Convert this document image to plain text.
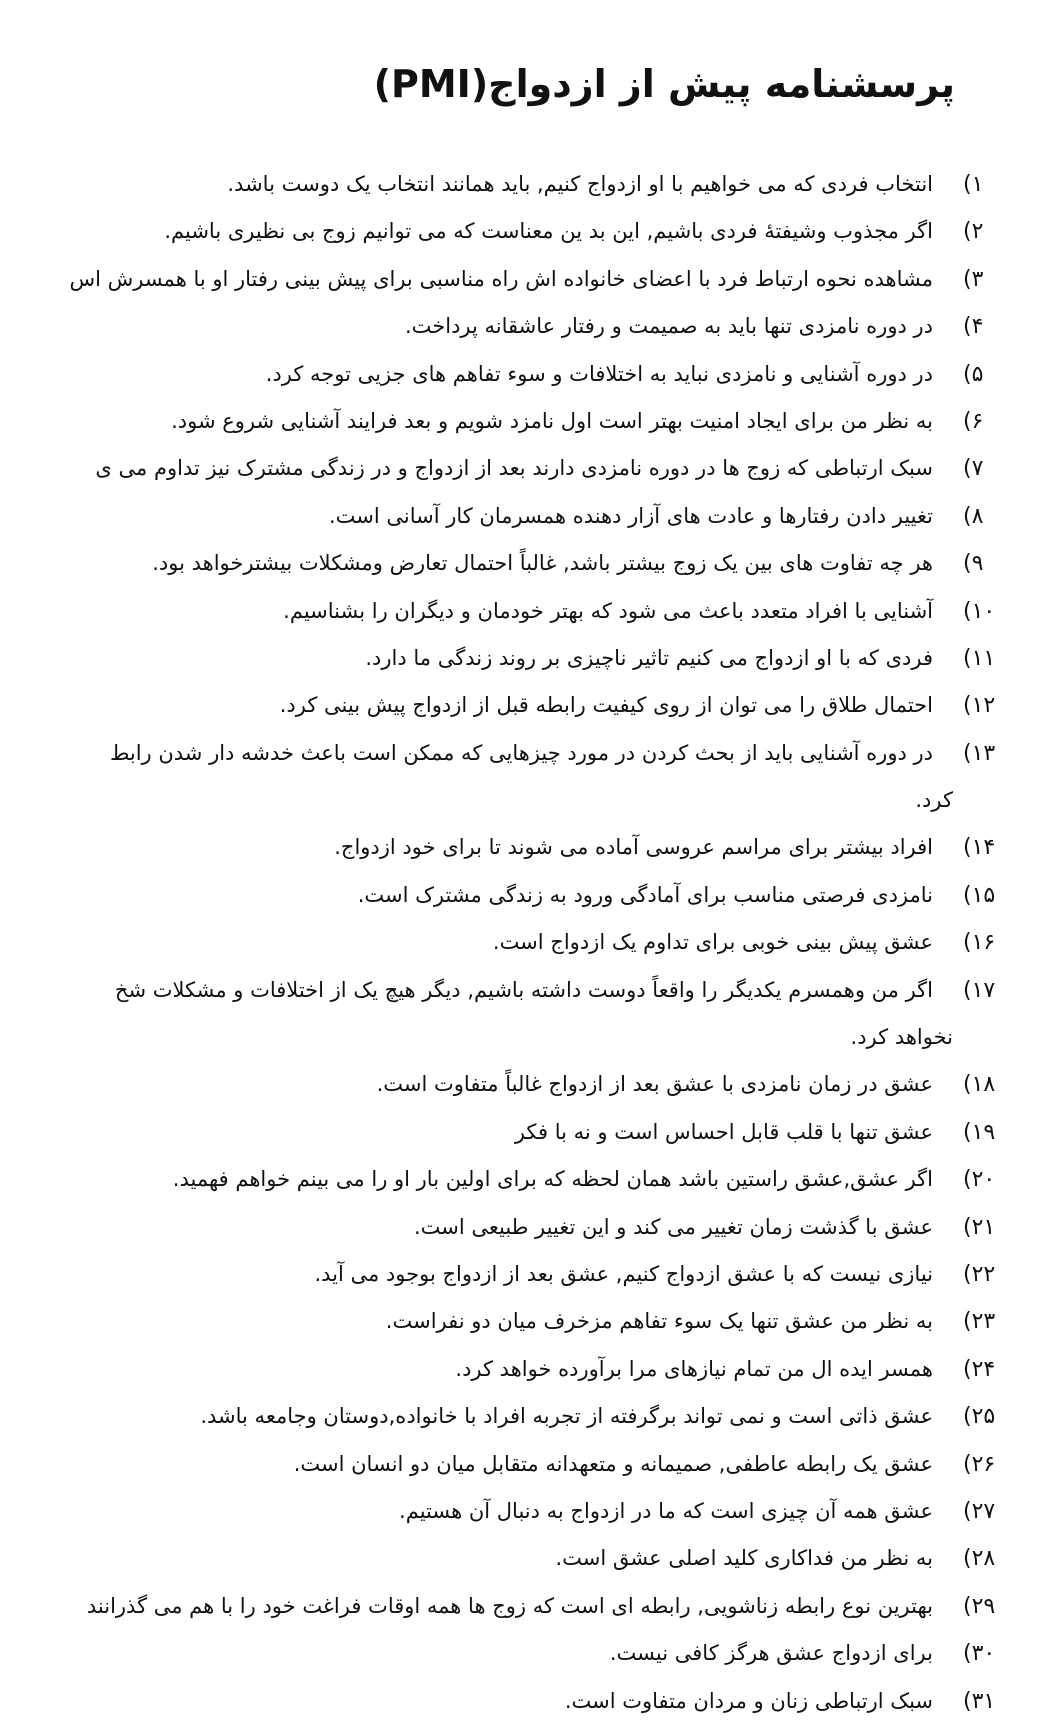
پرسشنامه پیش از ازدواج(PMI)
( ۱
انتخاب فردی که می خواهیم با او ازدواج کنیم, باید همانند انتخاب یک دوست باشد.
( ۲
اگر مجذوب وشیفتهٔ فردی باشیم, این بد ین معناست که می توانیم زوج بی نظیری باشیم.
( ۳
مشاهده نحوه ارتباط فرد با اعضای خانواده اش راه مناسبی برای پیش بینی رفتار او با همسرش اس
( ۴
در دوره نامزدی تنها باید به صمیمت و رفتار عاشقانه پرداخت.
( ۵
در دوره آشنایی و نامزدی نباید به اختلافات و سوء تفاهم های جزیی توجه کرد.
( ۶
به نظر من برای ایجاد امنیت بهتر است اول نامزد شویم و بعد فرایند آشنایی شروع شود.
( ۷
سبک ارتباطی که زوج ها در دوره نامزدی دارند بعد از ازدواج و در زندگی مشترک نیز تداوم می ی
( ۸
تغییر دادن رفتارها و عادت های آزار دهنده همسرمان کار آسانی است.
( ۹
هر چه تفاوت های بین یک زوج بیشتر باشد, غالباً احتمال تعارض ومشکلات بیشترخواهد بود.
( ۱۰
آشنایی با افراد متعدد باعث می شود که بهتر خودمان و دیگران را بشناسیم.
( ۱۱
فردی که با او ازدواج می کنیم تاثیر ناچیزی بر روند زندگی ما دارد.
( ۱۲
احتمال طلاق را می توان از روی کیفیت رابطه قبل از ازدواج پیش بینی کرد.
( ۱۳
در دوره آشنایی باید از بحث کردن در مورد چیزهایی که ممکن است باعث خدشه دار شدن رابط
کرد.
( ۱۴
افراد بیشتر برای مراسم عروسی آماده می شوند تا برای خود ازدواج.
( ۱۵
نامزدی فرصتی مناسب برای آمادگی ورود به زندگی مشترک است.
( ۱۶
عشق پیش بینی خوبی برای تداوم یک ازدواج است.
( ۱۷
اگر من وهمسرم یکدیگر را واقعاً دوست داشته باشیم, دیگر هیچ یک از اختلافات و مشکلات شخ
نخواهد کرد.
( ۱۸
عشق در زمان نامزدی با عشق بعد از ازدواج غالباً متفاوت است.
( ۱۹
عشق تنها با قلب قابل احساس است و نه با فکر
( ۲۰
اگر عشق,عشق راستین باشد همان لحظه که برای اولین بار او را می بینم خواهم فهمید.
( ۲۱
عشق با گذشت زمان تغییر می کند و این تغییر طبیعی است.
( ۲۲
نیازی نیست که با عشق ازدواج کنیم, عشق بعد از ازدواج بوجود می آید.
( ۲۳
به نظر من عشق تنها یک سوء تفاهم مزخرف میان دو نفراست.
( ۲۴
همسر ایده ال من تمام نیازهای مرا برآورده خواهد کرد.
( ۲۵
عشق ذاتی است و نمی تواند برگرفته از تجربه افراد با خانواده,دوستان وجامعه باشد.
( ۲۶
عشق یک رابطه عاطفی, صمیمانه و متعهدانه متقابل میان دو انسان است.
( ۲۷
عشق همه آن چیزی است که ما در ازدواج به دنبال آن هستیم.
( ۲۸
به نظر من فداکاری کلید اصلی عشق است.
( ۲۹
بهترین نوع رابطه زناشویی, رابطه ای است که زوج ها همه اوقات فراغت خود را با هم می گذرانند
( ۳۰
برای ازدواج عشق هرگز کافی نیست.
( ۳۱
سبک ارتباطی زنان و مردان متفاوت است.
